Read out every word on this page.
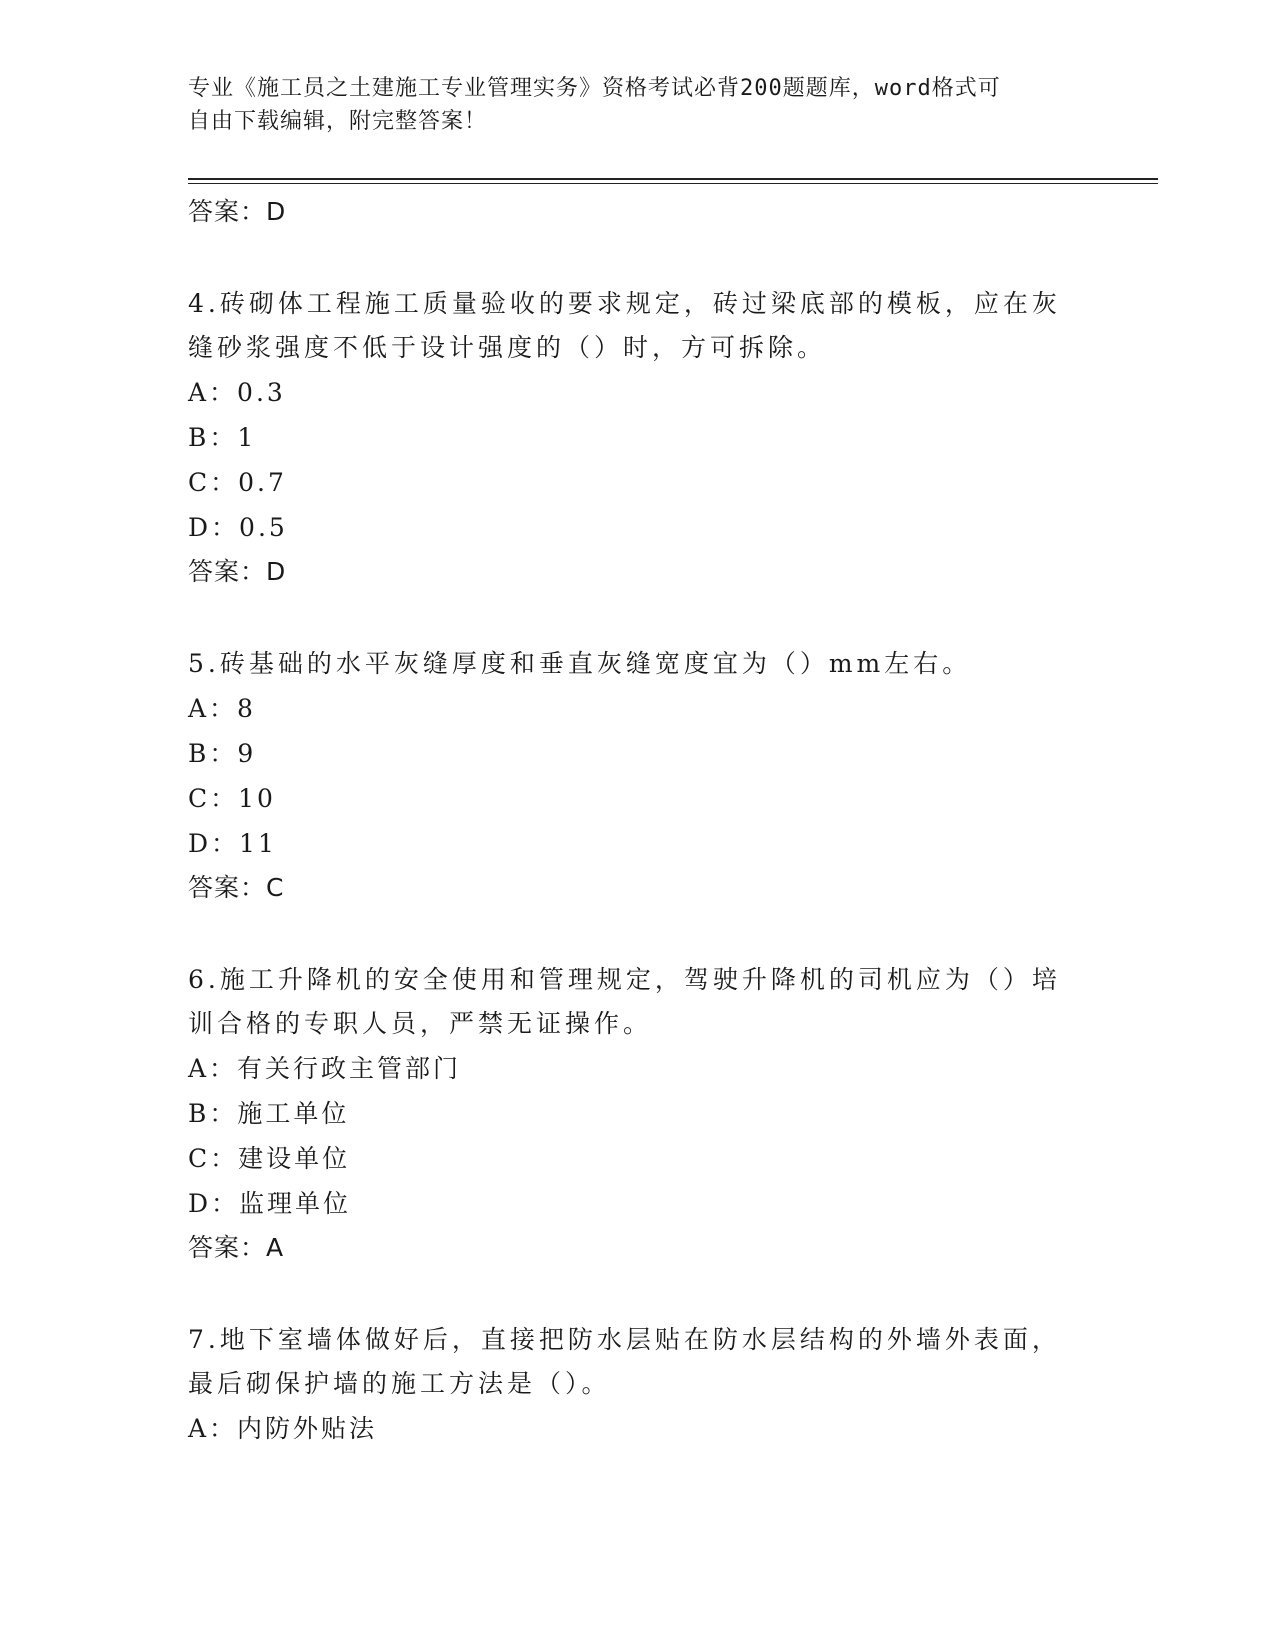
专业《施工员之土建施工专业管理实务》资格考试必背200题题库，word格式可
自由下载编辑，附完整答案！
答案：D
4.砖砌体工程施工质量验收的要求规定，砖过梁底部的模板，应在灰
缝砂浆强度不低于设计强度的（）时，方可拆除。
A：0.3
B：1
C：0.7
D：0.5
答案：D
5.砖基础的水平灰缝厚度和垂直灰缝宽度宜为（）mm左右。
A：8
B：9
C：10
D：11
答案：C
6.施工升降机的安全使用和管理规定，驾驶升降机的司机应为（）培
训合格的专职人员，严禁无证操作。
A：有关行政主管部门
B：施工单位
C：建设单位
D：监理单位
答案：A
7.地下室墙体做好后，直接把防水层贴在防水层结构的外墙外表面，
最后砌保护墙的施工方法是（）。
A：内防外贴法
